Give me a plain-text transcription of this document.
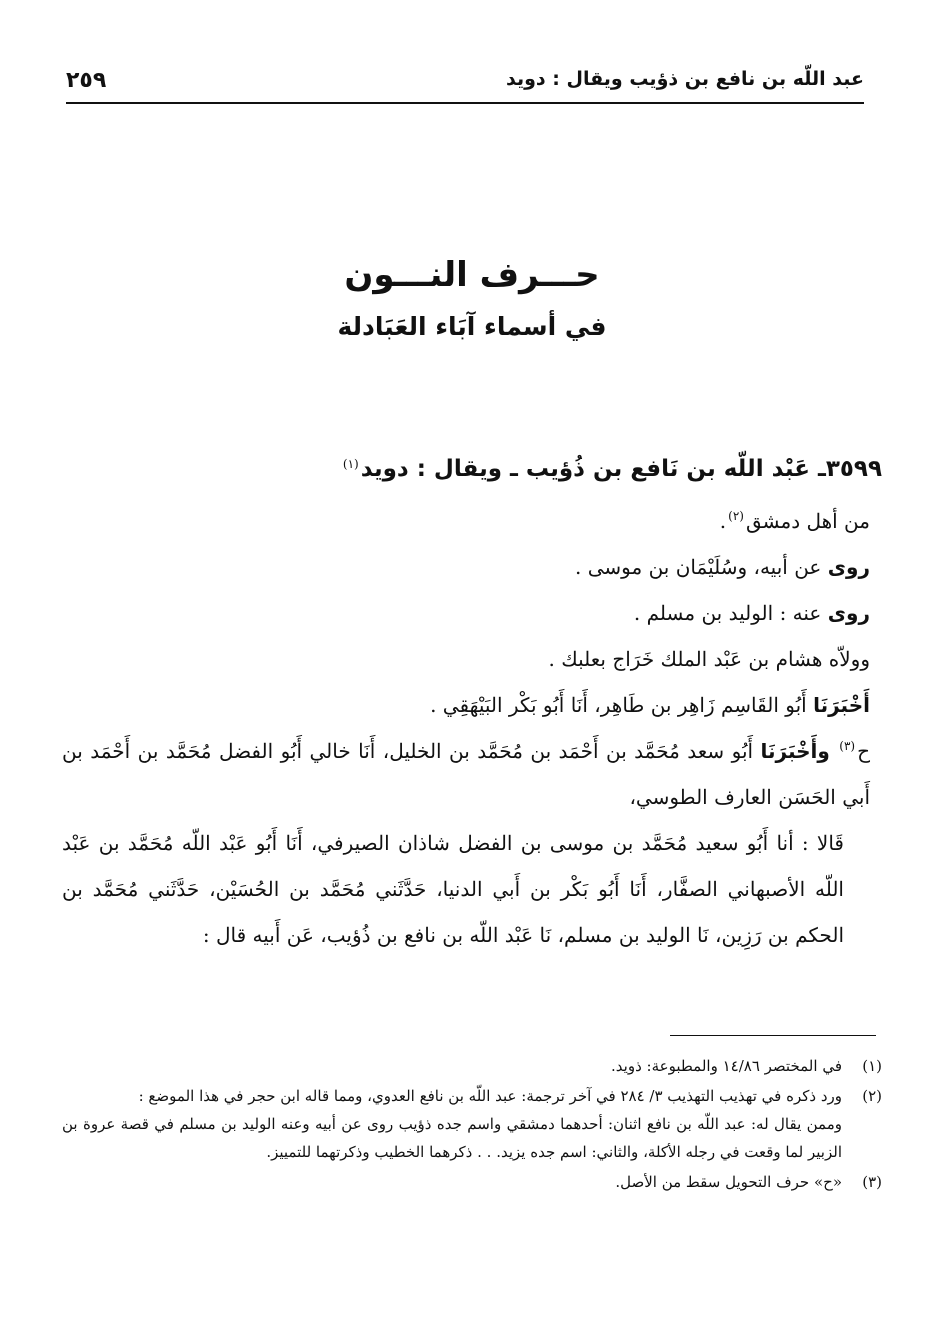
عبد اللّه بن نافع بن ذؤيب ويقال : دويد
٢٥٩
حـــرف النـــون
في أسماء آبَاء العَبَادلة

٣٥٩٩ـ عَبْد اللّه بن نَافع بن ذُؤيب ـ ويقال : دويد$^{(١)}$

من أهل دمشق$^{(٢)}$.

روى عن أبيه، وسُلَيْمَان بن موسى .

روى عنه : الوليد بن مسلم .

وولاّه هشام بن عَبْد الملك خَرَاج بعلبك .

أَخْبَرَنَا أَبُو القَاسِم زَاهِر بن طَاهِر، أَنَا أَبُو بَكْر البَيْهَقِي .

ح$^{(٣)}$ وأَخْبَرَنَا أَبُو سعد مُحَمَّد بن أَحْمَد بن مُحَمَّد بن الخليل، أَنَا خالي أَبُو الفضل مُحَمَّد بن أَحْمَد بن أَبي الحَسَن العارف الطوسي،

قَالا : أنا أَبُو سعيد مُحَمَّد بن موسى بن الفضل شاذان الصيرفي، أَنَا أَبُو عَبْد اللّه مُحَمَّد بن عَبْد اللّه الأصبهاني الصفَّار، أَنَا أَبُو بَكْر بن أَبي الدنيا، حَدَّثَني مُحَمَّد بن الحُسَيْن، حَدَّثَني مُحَمَّد بن الحكم بن رَزِين، نَا الوليد بن مسلم، نَا عَبْد اللّه بن نافع بن ذُؤيب، عَن أَبيه قال :

(١)

في المختصر ١٤/٨٦ والمطبوعة: ذويد.

(٢)

ورد ذكره في تهذيب التهذيب ٣/ ٢٨٤ في آخر ترجمة: عبد اللّه بن نافع العدوي، ومما قاله ابن حجر في هذا الموضع :

وممن يقال له: عبد اللّه بن نافع اثنان: أحدهما دمشقي واسم جده ذؤيب روى عن أبيه وعنه الوليد بن مسلم في قصة عروة بن الزبير لما وقعت في رجله الأكلة، والثاني: اسم جده يزيد. . . ذكرهما الخطيب وذكرتهما للتمييز.

(٣)

«ح» حرف التحويل سقط من الأصل.
